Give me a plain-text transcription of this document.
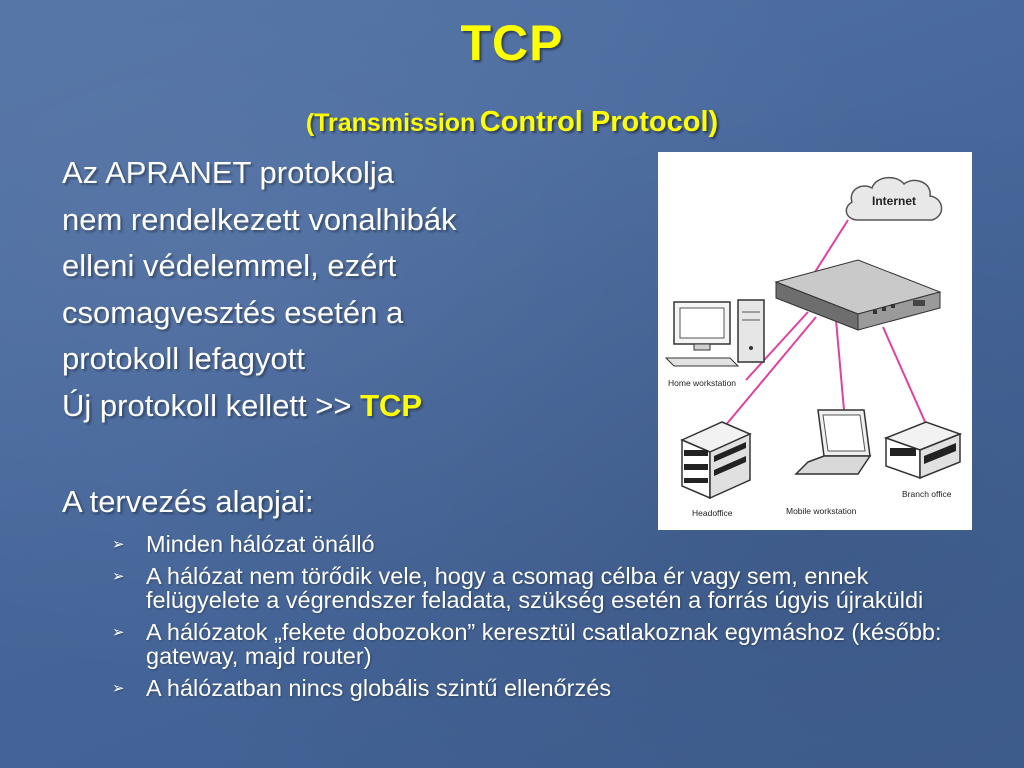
TCP
(Transmission Control Protocol)
Az APRANET protokolja
nem rendelkezett vonalhibák
elleni védelemmel, ezért
csomagvesztés esetén a
protokoll lefagyott
Új protokoll kellett >> TCP
A tervezés alapjai:
➢ Minden hálózat önálló
➢ A hálózat nem törődik vele, hogy a csomag célba ér vagy sem, ennek felügyelete a végrendszer feladata, szükség esetén a forrás úgyis újraküldi
➢ A hálózatok „fekete dobozokon” keresztül csatlakoznak egymáshoz (később: gateway, majd router)
➢ A hálózatban nincs globális szintű ellenőrzés
Internet
Home workstation
Headoffice	Mobile workstation
Branch office
